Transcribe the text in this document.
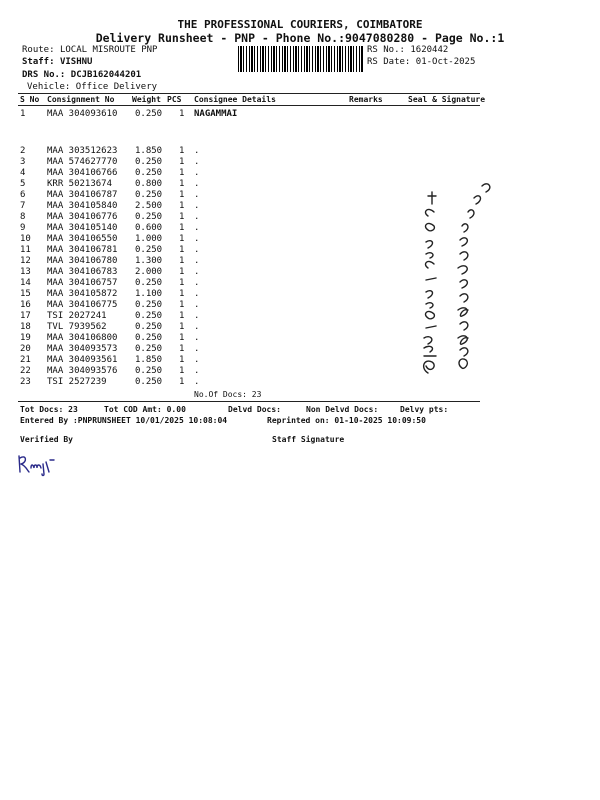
THE PROFESSIONAL COURIERS, COIMBATORE
Delivery Runsheet - PNP - Phone No.:9047080280 - Page No.:1
Route: LOCAL MISROUTE PNP
Staff: VISHNU
DRS No.: DCJB162044201
Vehicle: Office Delivery
RS No.: 1620442
RS Date: 01-Oct-2025
S No Consignment No Weight PCS Consignee Details	Remarks	Seal & Signature
1 MAA 304093610 0.250 1 NAGAMMAI
2 MAA 303512623 1.850 1 .
3 MAA 574627770 0.250 1 .
4 MAA 304106766 0.250 1 .
5 KRR 50213674	0.800 1 .
6 MAA 304106787 0.250 1 .
7 MAA 304105840 2.500 1 .
8 MAA 304106776 0.250 1 .
9 MAA 304105140 0.600 1 .
10 MAA 304106550 1.000 1 .
11 MAA 304106781 0.250 1 .
12 MAA 304106780 1.300 1 .
13 MAA 304106783 2.000 1 .
14 MAA 304106757 0.250 1 .
15 MAA 304105872 1.100 1 .
16 MAA 304106775 0.250 1 .
17 TSI 2027241	0.250 1 .
18 TVL 7939562	0.250 1 .
19 MAA 304106800 0.250 1 .
20 MAA 304093573 0.250 1 .
21 MAA 304093561 1.850 1 .
22 MAA 304093576 0.250 1 .
23 TSI 2527239	0.250 1 .
No.Of Docs: 23
Tot Docs: 23	Tot COD Amt: 0.00	Delvd Docs:	Non Delvd Docs:	Delvy pts:
Entered By :PNPRUNSHEET 10/01/2025 10:08:04	Reprinted on: 01-10-2025 10:09:50
Verified By	Staff Signature
